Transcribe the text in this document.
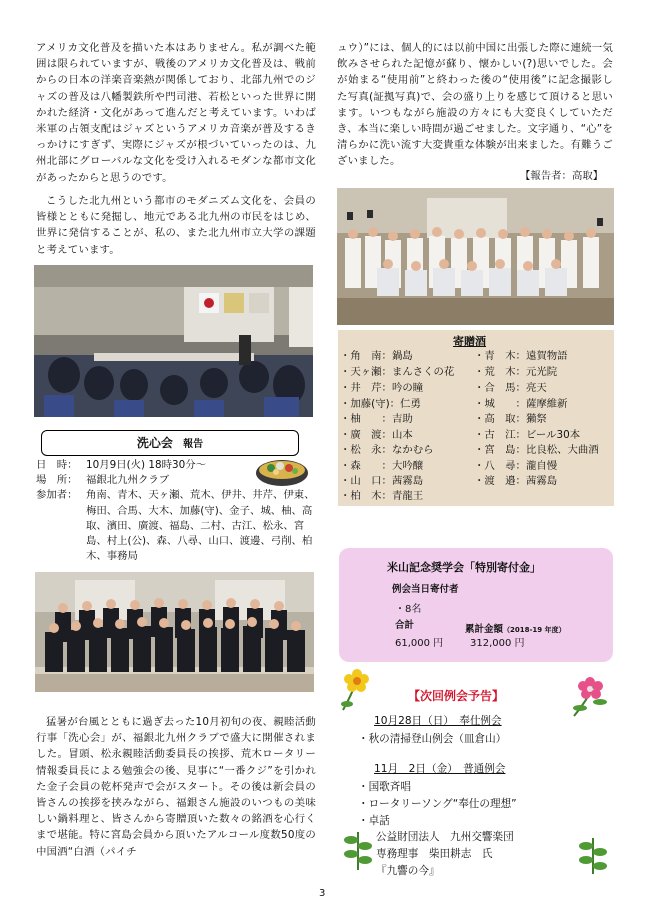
アメリカ文化普及を描いた本はありません。私が調べた範囲は限られていますが、戦後のアメリカ文化普及は、戦前からの日本の洋楽音楽熱が関係しており、北部九州でのジャズの普及は八幡製鉄所や門司港、若松といった世界に開かれた経済・文化があって進んだと考えています。いわば米軍の占領支配はジャズというアメリカ音楽が普及するきっかけにすぎず、実際にジャズが根づいていったのは、九州北部にグローバルな文化を受け入れるモダンな都市文化があったからと思うのです。
こうした北九州という都市のモダニズム文化を、会員の皆様とともに発掘し、地元である北九州の市民をはじめ、世界に発信することが、私の、また北九州市立大学の課題と考えています。
洗心会 報告
日　時： 10月9日(火) 18時30分～
場　所： 福銀北九州クラブ
参加者： 角南、青木、天ヶ瀬、荒木、伊井、井芹、伊東、梅田、合馬、大木、加藤(守)、金子、城、柚、高取、濱田、廣渡、福島、二村、古江、松永、宮島、村上(公)、森、八尋、山口、渡邊、弓削、柏木、事務局
猛暑が台風とともに過ぎ去った10月初旬の夜、親睦活動行事「洗心会」が、福銀北九州クラブで盛大に開催されました。冒頭、松永親睦活動委員長の挨拶、荒木ロータリー情報委員長による勉強会の後、見事に“一番クジ”を引かれた金子会員の乾杯発声で会がスタート。その後は新会員の皆さんの挨拶を挟みながら、福銀さん施設のいつもの美味しい鍋料理と、皆さんから寄贈頂いた数々の銘酒を心行くまで堪能。特に宮島会員から頂いたアルコール度数50度の中国酒“白酒（パイチ
ュウ）”には、個人的には以前中国に出張した際に連続一気飲みさせられた記憶が蘇り、懐かしい(?)思いでした。会が始まる“使用前”と終わった後の“使用後”に記念撮影した写真(証拠写真)で、会の盛り上りを感じて頂けると思います。いつもながら施設の方々にも大変良くしていただき、本当に楽しい時間が過ごせました。文字通り、“心”を清らかに洗い流す大変貴重な体験が出来ました。有難うございました。
【報告者：高取】
寄贈酒
・角　南：鍋島
・天ヶ瀬：まんさくの花
・井　芹：吟の瞳
・加藤(守)：仁勇
・柚　　：吉助
・廣　渡：山本
・松　永：なかむら
・森　　：大吟醸
・山　口：茜霧島
・柏　木：青龍王
・青　木：遠賀物語
・荒　木：元光院
・合　馬：亮天
・城　　：薩摩維新
・高　取：獺祭
・古　江：ビール30本
・宮　島：比良松、大曲酒
・八　尋：瀧自慢
・渡　邉：茜霧島
米山記念奨学会「特別寄付金」
例会当日寄付者
・8名
合計	累計金額（2018-19 年度）
61,000 円	312,000 円
【次回例会予告】
10月28日（日）　奉仕例会
・秋の清掃登山例会（皿倉山）
11月　2日（金）　普通例会
・国歌斉唱
・ロータリーソング“奉仕の理想”
・卓話
公益財団法人　九州交響楽団
専務理事　柴田耕志　氏
『九響の今』
3
